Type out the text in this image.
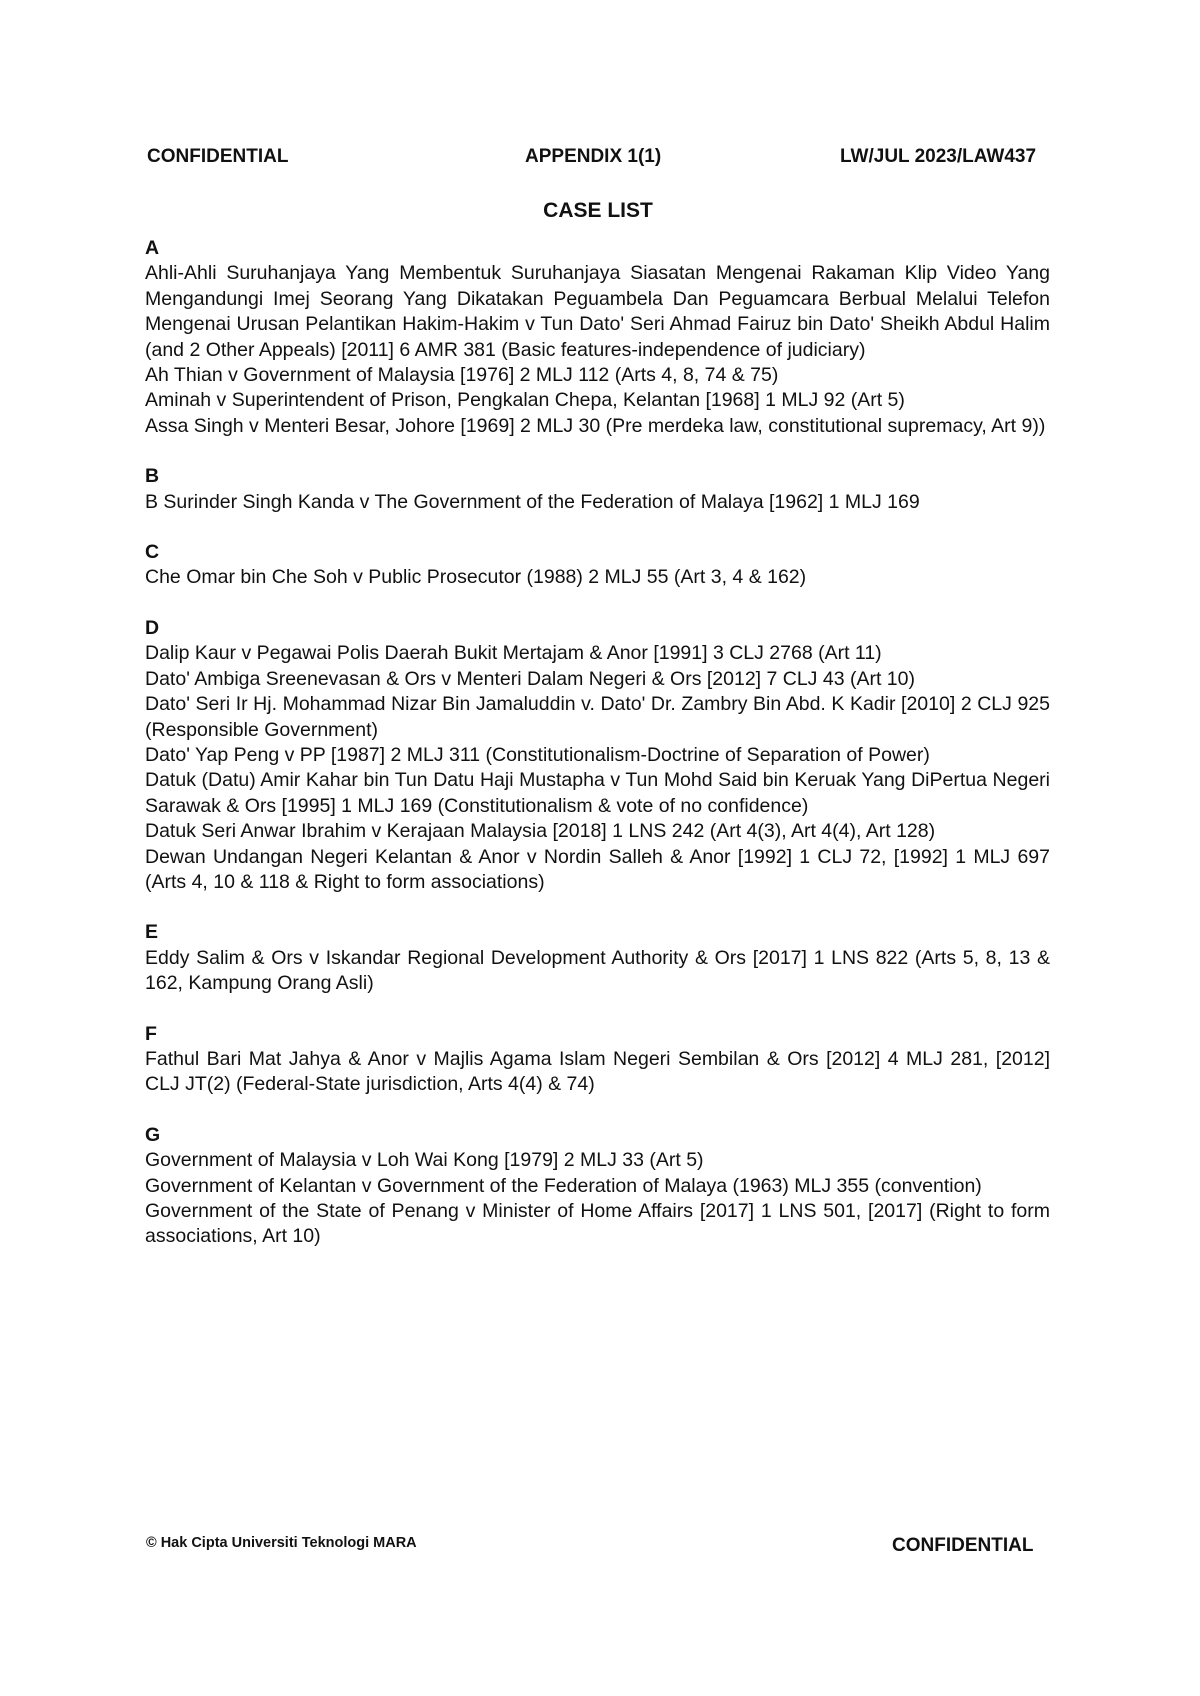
CONFIDENTIAL	APPENDIX 1(1)	LW/JUL 2023/LAW437
CASE LIST
A
Ahli-Ahli Suruhanjaya Yang Membentuk Suruhanjaya Siasatan Mengenai Rakaman Klip Video Yang Mengandungi Imej Seorang Yang Dikatakan Peguambela Dan Peguamcara Berbual Melalui Telefon Mengenai Urusan Pelantikan Hakim-Hakim v Tun Dato' Seri Ahmad Fairuz bin Dato' Sheikh Abdul Halim (and 2 Other Appeals) [2011] 6 AMR 381 (Basic features-independence of judiciary)
Ah Thian v Government of Malaysia [1976] 2 MLJ 112 (Arts 4, 8, 74 & 75)
Aminah v Superintendent of Prison, Pengkalan Chepa, Kelantan [1968] 1 MLJ 92 (Art 5)
Assa Singh v Menteri Besar, Johore [1969] 2 MLJ 30 (Pre merdeka law, constitutional supremacy, Art 9))
B
B Surinder Singh Kanda v The Government of the Federation of Malaya [1962] 1 MLJ 169
C
Che Omar bin Che Soh v Public Prosecutor (1988) 2 MLJ 55 (Art 3, 4 & 162)
D
Dalip Kaur v Pegawai Polis Daerah Bukit Mertajam & Anor [1991] 3 CLJ 2768 (Art 11)
Dato' Ambiga Sreenevasan & Ors v Menteri Dalam Negeri & Ors [2012] 7 CLJ 43 (Art 10)
Dato' Seri Ir Hj. Mohammad Nizar Bin Jamaluddin v. Dato' Dr. Zambry Bin Abd. K Kadir [2010] 2 CLJ 925 (Responsible Government)
Dato' Yap Peng v PP [1987] 2 MLJ 311 (Constitutionalism-Doctrine of Separation of Power)
Datuk (Datu) Amir Kahar bin Tun Datu Haji Mustapha v Tun Mohd Said bin Keruak Yang DiPertua Negeri Sarawak & Ors [1995] 1 MLJ 169 (Constitutionalism & vote of no confidence)
Datuk Seri Anwar Ibrahim v Kerajaan Malaysia [2018] 1 LNS 242 (Art 4(3), Art 4(4), Art 128)
Dewan Undangan Negeri Kelantan & Anor v Nordin Salleh & Anor [1992] 1 CLJ 72, [1992] 1 MLJ 697 (Arts 4, 10 & 118 & Right to form associations)
E
Eddy Salim & Ors v Iskandar Regional Development Authority & Ors [2017] 1 LNS 822 (Arts 5, 8, 13 & 162, Kampung Orang Asli)
F
Fathul Bari Mat Jahya & Anor v Majlis Agama Islam Negeri Sembilan & Ors [2012] 4 MLJ 281, [2012] CLJ JT(2) (Federal-State jurisdiction, Arts 4(4) & 74)
G
Government of Malaysia v Loh Wai Kong [1979] 2 MLJ 33 (Art 5)
Government of Kelantan v Government of the Federation of Malaya (1963) MLJ 355 (convention)
Government of the State of Penang v Minister of Home Affairs [2017] 1 LNS 501, [2017] (Right to form associations, Art 10)
© Hak Cipta Universiti Teknologi MARA	CONFIDENTIAL
